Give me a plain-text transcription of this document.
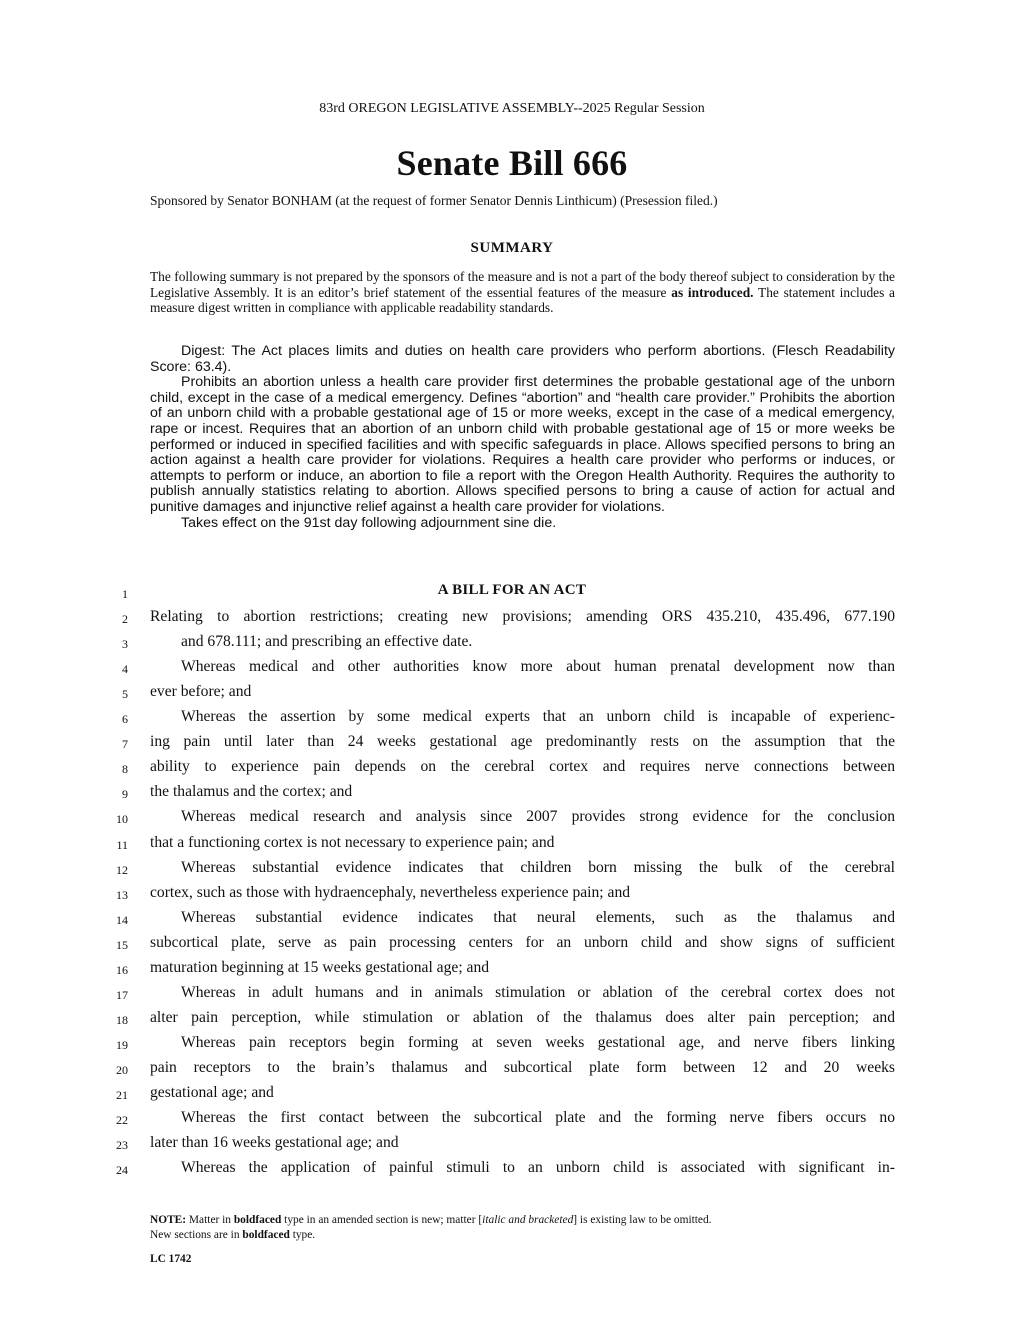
83rd OREGON LEGISLATIVE ASSEMBLY--2025 Regular Session
Senate Bill 666
Sponsored by Senator BONHAM (at the request of former Senator Dennis Linthicum) (Presession filed.)
SUMMARY
The following summary is not prepared by the sponsors of the measure and is not a part of the body thereof subject to consideration by the Legislative Assembly. It is an editor’s brief statement of the essential features of the measure as introduced. The statement includes a measure digest written in compliance with applicable readability standards.

Digest: The Act places limits and duties on health care providers who perform abortions. (Flesch Readability Score: 63.4).

Prohibits an abortion unless a health care provider first determines the probable gestational age of the unborn child, except in the case of a medical emergency. Defines “abortion” and “health care provider.” Prohibits the abortion of an unborn child with a probable gestational age of 15 or more weeks, except in the case of a medical emergency, rape or incest. Requires that an abortion of an unborn child with probable gestational age of 15 or more weeks be performed or induced in specified facilities and with specific safeguards in place. Allows specified persons to bring an action against a health care provider for violations. Requires a health care provider who performs or induces, or attempts to perform or induce, an abortion to file a report with the Oregon Health Authority. Requires the authority to publish annually statistics relating to abortion. Allows specified persons to bring a cause of action for actual and punitive damages and injunctive relief against a health care provider for violations.

Takes effect on the 91st day following adjournment sine die.

A BILL FOR AN ACT
1
2 Relating to abortion restrictions; creating new provisions; amending ORS 435.210, 435.496, 677.190
3	and 678.111; and prescribing an effective date.
4	Whereas medical and other authorities know more about human prenatal development now than
5 ever before; and
6	Whereas the assertion by some medical experts that an unborn child is incapable of experienc-
7 ing pain until later than 24 weeks gestational age predominantly rests on the assumption that the
8 ability to experience pain depends on the cerebral cortex and requires nerve connections between
9 the thalamus and the cortex; and
10	Whereas medical research and analysis since 2007 provides strong evidence for the conclusion
11 that a functioning cortex is not necessary to experience pain; and
12	Whereas substantial evidence indicates that children born missing the bulk of the cerebral
13 cortex, such as those with hydraencephaly, nevertheless experience pain; and
14	Whereas substantial evidence indicates that neural elements, such as the thalamus and
15 subcortical plate, serve as pain processing centers for an unborn child and show signs of sufficient
16 maturation beginning at 15 weeks gestational age; and
17	Whereas in adult humans and in animals stimulation or ablation of the cerebral cortex does not
18 alter pain perception, while stimulation or ablation of the thalamus does alter pain perception; and
19	Whereas pain receptors begin forming at seven weeks gestational age, and nerve fibers linking
20 pain receptors to the brain’s thalamus and subcortical plate form between 12 and 20 weeks
21 gestational age; and
22	Whereas the first contact between the subcortical plate and the forming nerve fibers occurs no
23 later than 16 weeks gestational age; and
24	Whereas the application of painful stimuli to an unborn child is associated with significant in-
NOTE: Matter in boldfaced type in an amended section is new; matter [italic and bracketed] is existing law to be omitted.
New sections are in boldfaced type.
LC 1742
